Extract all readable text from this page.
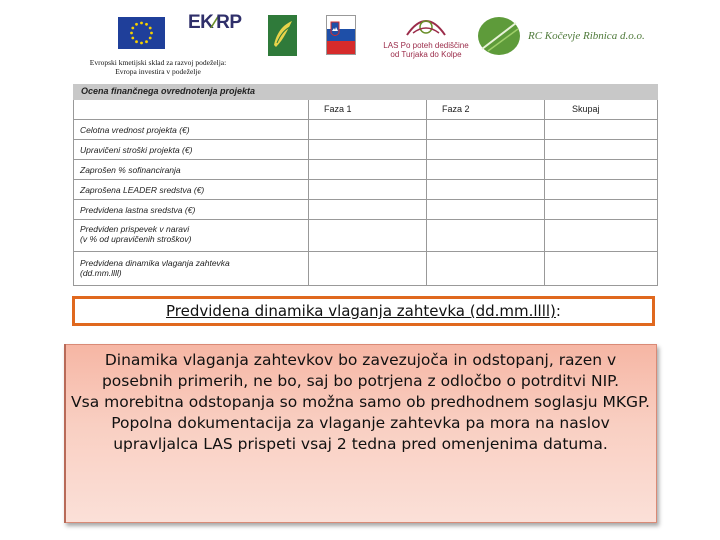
EK∕RP
LAS Po poteh dediščine
od Turjaka do Kolpe
RC Kočevje Ribnica d.o.o.
Evropski kmetijski sklad za razvoj podeželja:
Evropa investira v podeželje
Ocena finančnega ovrednotenja projekta
Faza 1	Faza 2	Skupaj
Celotna vrednost projekta (€)
Upravičeni stroški projekta (€)
Zaprošen % sofinanciranja
Zaprošena LEADER sredstva (€)
Predvidena lastna sredstva (€)
Predviden prispevek v naravi
(v % od upravičenih stroškov)
Predvidena dinamika vlaganja zahtevka
(dd.mm.llll)
Predvidena dinamika vlaganja zahtevka (dd.mm.llll):

Dinamika vlaganja zahtevkov bo zavezujoča in odstopanj, razen v posebnih primerih, ne bo, saj bo potrjena z odločbo o potrditvi NIP.

Vsa morebitna odstopanja so možna samo ob predhodnem soglasju MKGP.

Popolna dokumentacija za vlaganje zahtevka pa mora na naslov upravljalca LAS prispeti vsaj 2 tedna pred omenjenima datuma.
